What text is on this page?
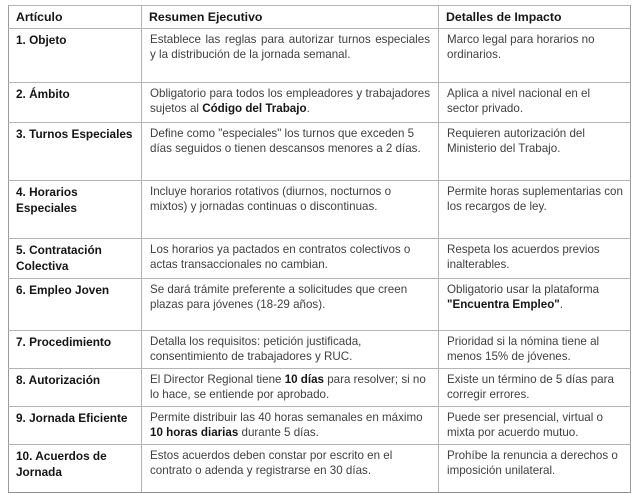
Artículo	Resumen Ejecutivo	Detalles de Impacto
1. Objeto	Establece las reglas para autorizar turnos especiales y la distribución de la jornada semanal.	Marco legal para horarios no ordinarios.
2. Ámbito	Obligatorio para todos los empleadores y trabajadores sujetos al Código del Trabajo.	Aplica a nivel nacional en el sector privado.
3. Turnos Especiales	Define como "especiales" los turnos que exceden 5 días seguidos o tienen descansos menores a 2 días.	Requieren autorización del Ministerio del Trabajo.
4. Horarios Especiales	Incluye horarios rotativos (diurnos, nocturnos o mixtos) y jornadas continuas o discontinuas.	Permite horas suplementarias con los recargos de ley.
5. Contratación Colectiva	Los horarios ya pactados en contratos colectivos o actas transaccionales no cambian.	Respeta los acuerdos previos inalterables.
6. Empleo Joven	Se dará trámite preferente a solicitudes que creen plazas para jóvenes (18-29 años).	Obligatorio usar la plataforma "Encuentra Empleo".
7. Procedimiento	Detalla los requisitos: petición justificada, consentimiento de trabajadores y RUC.	Prioridad si la nómina tiene al menos 15% de jóvenes.
8. Autorización	El Director Regional tiene 10 días para resolver; si no lo hace, se entiende por aprobado.	Existe un término de 5 días para corregir errores.
9. Jornada Eficiente	Permite distribuir las 40 horas semanales en máximo 10 horas diarias durante 5 días.	Puede ser presencial, virtual o mixta por acuerdo mutuo.
10. Acuerdos de Jornada	Estos acuerdos deben constar por escrito en el contrato o adenda y registrarse en 30 días.	Prohíbe la renuncia a derechos o imposición unilateral.
